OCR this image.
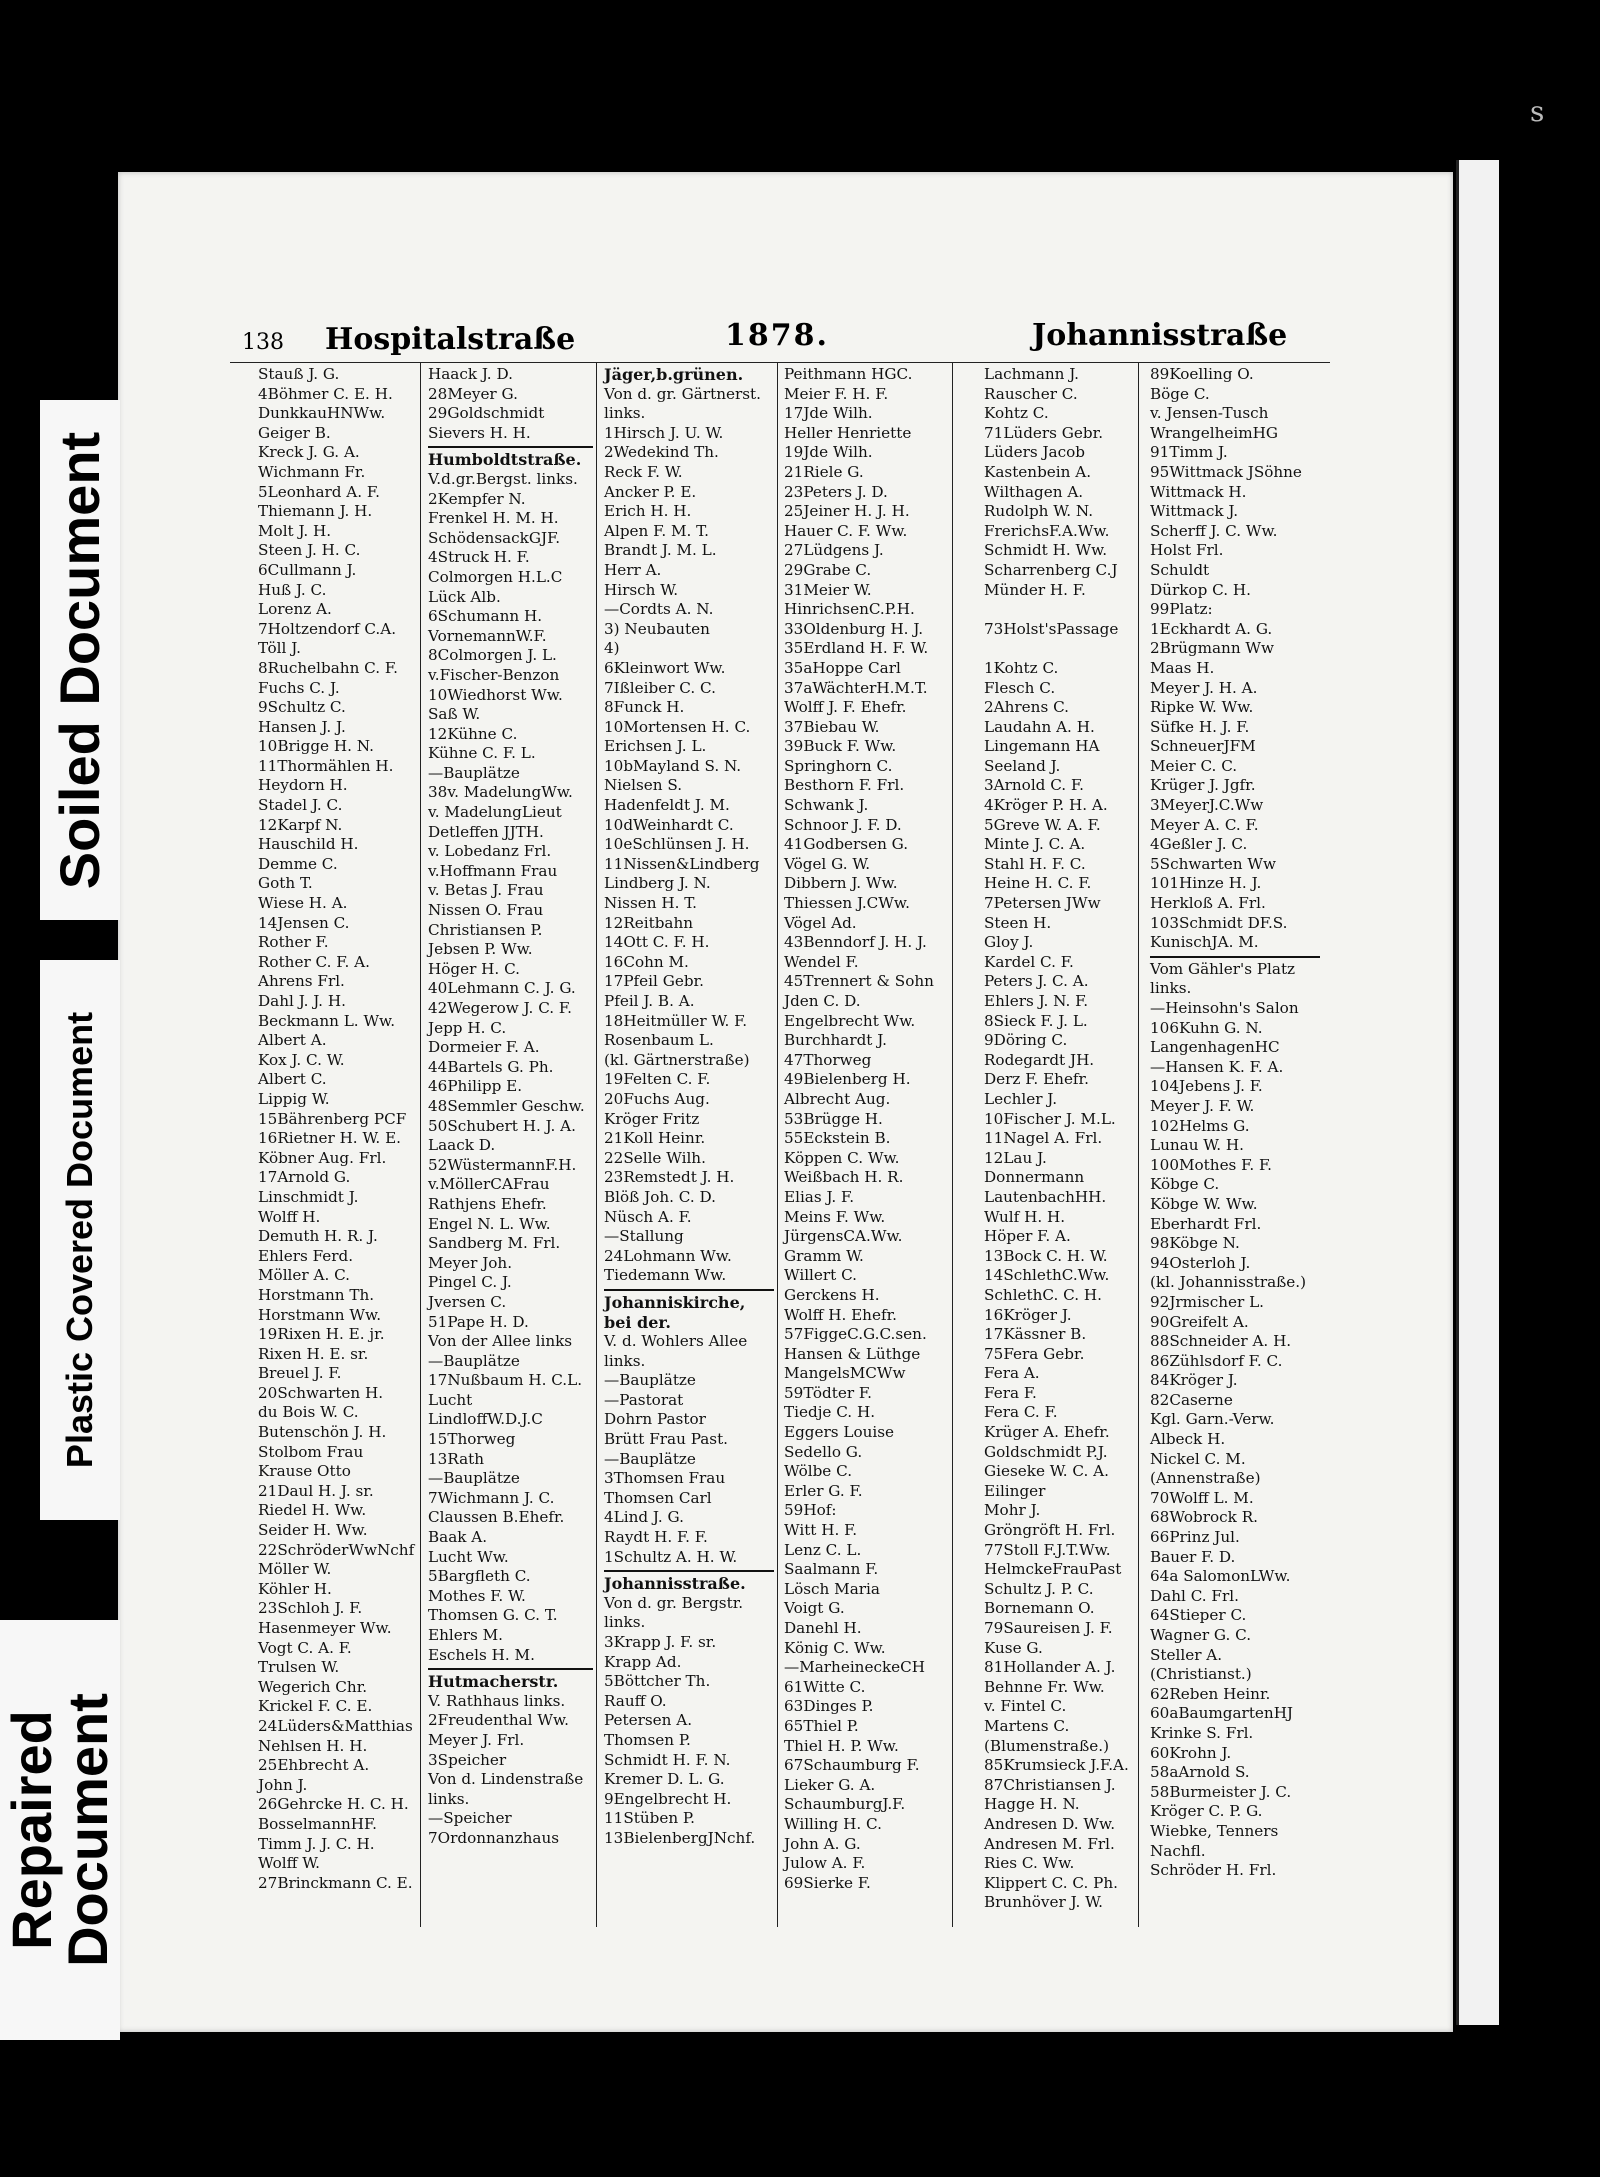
s
Soiled Document
Plastic Covered Document
Repaired
Document
138 Hospitalstraße	1878.	Johannisstraße
Stauß J. G.
4Böhmer C. E. H.
DunkkauHNWw.
Geiger B.
Kreck J. G. A.
Wichmann Fr.
5Leonhard A. F.
Thiemann J. H.
Molt J. H.
Steen J. H. C.
6Cullmann J.
Huß J. C.
Lorenz A.
7Holtzendorf C.A.
Töll J.
8Ruchelbahn C. F.
Fuchs C. J.
9Schultz C.
Hansen J. J.
10Brigge H. N.
11Thormählen H.
Heydorn H.
Stadel J. C.
12Karpf N.
Hauschild H.
Demme C.
Goth T.
Wiese H. A.
14Jensen C.
Rother F.
Rother C. F. A.
Ahrens Frl.
Dahl J. J. H.
Beckmann L. Ww.
Albert A.
Kox J. C. W.
Albert C.
Lippig W.
15Bährenberg PCF
16Rietner H. W. E.
Köbner Aug. Frl.
17Arnold G.
Linschmidt J.
Wolff H.
Demuth H. R. J.
Ehlers Ferd.
Möller A. C.
Horstmann Th.
Horstmann Ww.
19Rixen H. E. jr.
Rixen H. E. sr.
Breuel J. F.
20Schwarten H.
du Bois W. C.
Butenschön J. H.
Stolbom Frau
Krause Otto
21Daul H. J. sr.
Riedel H. Ww.
Seider H. Ww.
22SchröderWwNchf
Möller W.
Köhler H.
23Schloh J. F.
Hasenmeyer Ww.
Vogt C. A. F.
Trulsen W.
Wegerich Chr.
Krickel F. C. E.
24Lüders&Matthias
Nehlsen H. H.
25Ehbrecht A.
John J.
26Gehrcke H. C. H.
BosselmannHF.
Timm J. J. C. H.
Wolff W.
27Brinckmann C. E.
Haack J. D.
28Meyer G.
29Goldschmidt
Sievers H. H.
Humboldtstraße.
V.d.gr.Bergst. links.
2Kempfer N.
Frenkel H. M. H.
SchödensackGJF.
4Struck H. F.
Colmorgen H.L.C
Lück Alb.
6Schumann H.
VornemannW.F.
8Colmorgen J. L.
v.Fischer-Benzon
10Wiedhorst Ww.
Saß W.
12Kühne C.
Kühne C. F. L.
—Bauplätze
38v. MadelungWw.
v. MadelungLieut
Detleffen JJTH.
v. Lobedanz Frl.
v.Hoffmann Frau
v. Betas J. Frau
Nissen O. Frau
Christiansen P.
Jebsen P. Ww.
Höger H. C.
40Lehmann C. J. G.
42Wegerow J. C. F.
Jepp H. C.
Dormeier F. A.
44Bartels G. Ph.
46Philipp E.
48Semmler Geschw.
50Schubert H. J. A.
Laack D.
52WüstermannF.H.
v.MöllerCAFrau
Rathjens Ehefr.
Engel N. L. Ww.
Sandberg M. Frl.
Meyer Joh.
Pingel C. J.
Jversen C.
51Pape H. D.
Von der Allee links
—Bauplätze
17Nußbaum H. C.L.
Lucht
LindloffW.D.J.C
15Thorweg
13Rath
—Bauplätze
7Wichmann J. C.
Claussen B.Ehefr.
Baak A.
Lucht Ww.
5Bargfleth C.
Mothes F. W.
Thomsen G. C. T.
Ehlers M.
Eschels H. M.
Hutmacherstr.
V. Rathhaus links.
2Freudenthal Ww.
Meyer J. Frl.
3Speicher
Von d. Lindenstraße
links.
—Speicher
7Ordonnanzhaus
Jäger,b.grünen.
Von d. gr. Gärtnerst.
links.
1Hirsch J. U. W.
2Wedekind Th.
Reck F. W.
Ancker P. E.
Erich H. H.
Alpen F. M. T.
Brandt J. M. L.
Herr A.
Hirsch W.
—Cordts A. N.
3) Neubauten
4)
6Kleinwort Ww.
7Ißleiber C. C.
8Funck H.
10Mortensen H. C.
Erichsen J. L.
10bMayland S. N.
Nielsen S.
Hadenfeldt J. M.
10dWeinhardt C.
10eSchlünsen J. H.
11Nissen&Lindberg
Lindberg J. N.
Nissen H. T.
12Reitbahn
14Ott C. F. H.
16Cohn M.
17Pfeil Gebr.
Pfeil J. B. A.
18Heitmüller W. F.
Rosenbaum L.
(kl. Gärtnerstraße)
19Felten C. F.
20Fuchs Aug.
Kröger Fritz
21Koll Heinr.
22Selle Wilh.
23Remstedt J. H.
Blöß Joh. C. D.
Nüsch A. F.
—Stallung
24Lohmann Ww.
Tiedemann Ww.
Johanniskirche,
bei der.
V. d. Wohlers Allee
links.
—Bauplätze
—Pastorat
Dohrn Pastor
Brütt Frau Past.
—Bauplätze
3Thomsen Frau
Thomsen Carl
4Lind J. G.
Raydt H. F. F.
1Schultz A. H. W.
Johannisstraße.
Von d. gr. Bergstr.
links.
3Krapp J. F. sr.
Krapp Ad.
5Böttcher Th.
Rauff O.
Petersen A.
Thomsen P.
Schmidt H. F. N.
Kremer D. L. G.
9Engelbrecht H.
11Stüben P.
13BielenbergJNchf.
Peithmann HGC.
Meier F. H. F.
17Jde Wilh.
Heller Henriette
19Jde Wilh.
21Riele G.
23Peters J. D.
25Jeiner H. J. H.
Hauer C. F. Ww.
27Lüdgens J.
29Grabe C.
31Meier W.
HinrichsenC.P.H.
33Oldenburg H. J.
35Erdland H. F. W.
35aHoppe Carl
37aWächterH.M.T.
Wolff J. F. Ehefr.
37Biebau W.
39Buck F. Ww.
Springhorn C.
Besthorn F. Frl.
Schwank J.
Schnoor J. F. D.
41Godbersen G.
Vögel G. W.
Dibbern J. Ww.
Thiessen J.CWw.
Vögel Ad.
43Benndorf J. H. J.
Wendel F.
45Trennert & Sohn
Jden C. D.
Engelbrecht Ww.
Burchhardt J.
47Thorweg
49Bielenberg H.
Albrecht Aug.
53Brügge H.
55Eckstein B.
Köppen C. Ww.
Weißbach H. R.
Elias J. F.
Meins F. Ww.
JürgensCA.Ww.
Gramm W.
Willert C.
Gerckens H.
Wolff H. Ehefr.
57FiggeC.G.C.sen.
Hansen & Lüthge
MangelsMCWw
59Tödter F.
Tiedje C. H.
Eggers Louise
Sedello G.
Wölbe C.
Erler G. F.
59Hof:
Witt H. F.
Lenz C. L.
Saalmann F.
Lösch Maria
Voigt G.
Danehl H.
König C. Ww.
—MarheineckeCH
61Witte C.
63Dinges P.
65Thiel P.
Thiel H. P. Ww.
67Schaumburg F.
Lieker G. A.
SchaumburgJ.F.
Willing H. C.
John A. G.
Julow A. F.
69Sierke F.
Lachmann J.
Rauscher C.
Kohtz C.
71Lüders Gebr.
Lüders Jacob
Kastenbein A.
Wilthagen A.
Rudolph W. N.
FrerichsF.A.Ww.
Schmidt H. Ww.
Scharrenberg C.J
Münder H. F.
73Holst'sPassage
1Kohtz C.
Flesch C.
2Ahrens C.
Laudahn A. H.
Lingemann HA
Seeland J.
3Arnold C. F.
4Kröger P. H. A.
5Greve W. A. F.
Minte J. C. A.
Stahl H. F. C.
Heine H. C. F.
7Petersen JWw
Steen H.
Gloy J.
Kardel C. F.
Peters J. C. A.
Ehlers J. N. F.
8Sieck F. J. L.
9Döring C.
Rodegardt JH.
Derz F. Ehefr.
Lechler J.
10Fischer J. M.L.
11Nagel A. Frl.
12Lau J.
Donnermann
LautenbachHH.
Wulf H. H.
Höper F. A.
13Bock C. H. W.
14SchlethC.Ww.
SchlethC. C. H.
16Kröger J.
17Kässner B.
75Fera Gebr.
Fera A.
Fera F.
Fera C. F.
Krüger A. Ehefr.
Goldschmidt P.J.
Gieseke W. C. A.
Eilinger
Mohr J.
Gröngröft H. Frl.
77Stoll F.J.T.Ww.
HelmckeFrauPast
Schultz J. P. C.
Bornemann O.
79Saureisen J. F.
Kuse G.
81Hollander A. J.
Behnne Fr. Ww.
v. Fintel C.
Martens C.
(Blumenstraße.)
85Krumsieck J.F.A.
87Christiansen J.
Hagge H. N.
Andresen D. Ww.
Andresen M. Frl.
Ries C. Ww.
Klippert C. C. Ph.
Brunhöver J. W.
89Koelling O.
Böge C.
v. Jensen-Tusch
WrangelheimHG
91Timm J.
95Wittmack JSöhne
Wittmack H.
Wittmack J.
Scherff J. C. Ww.
Holst Frl.
Schuldt
Dürkop C. H.
99Platz:
1Eckhardt A. G.
2Brügmann Ww
Maas H.
Meyer J. H. A.
Ripke W. Ww.
Süfke H. J. F.
SchneuerJFM
Meier C. C.
Krüger J. Jgfr.
3MeyerJ.C.Ww
Meyer A. C. F.
4Geßler J. C.
5Schwarten Ww
101Hinze H. J.
Herkloß A. Frl.
103Schmidt DF.S.
KunischJA. M.
Vom Gähler's Platz
links.
—Heinsohn's Salon
106Kuhn G. N.
LangenhagenHC
—Hansen K. F. A.
104Jebens J. F.
Meyer J. F. W.
102Helms G.
Lunau W. H.
100Mothes F. F.
Köbge C.
Köbge W. Ww.
Eberhardt Frl.
98Köbge N.
94Osterloh J.
(kl. Johannisstraße.)
92Jrmischer L.
90Greifelt A.
88Schneider A. H.
86Zühlsdorf F. C.
84Kröger J.
82Caserne
Kgl. Garn.-Verw.
Albeck H.
Nickel C. M.
(Annenstraße)
70Wolff L. M.
68Wobrock R.
66Prinz Jul.
Bauer F. D.
64a SalomonLWw.
Dahl C. Frl.
64Stieper C.
Wagner G. C.
Steller A.
(Christianst.)
62Reben Heinr.
60aBaumgartenHJ
Krinke S. Frl.
60Krohn J.
58aArnold S.
58Burmeister J. C.
Kröger C. P. G.
Wiebke, Tenners
Nachfl.
Schröder H. Frl.
